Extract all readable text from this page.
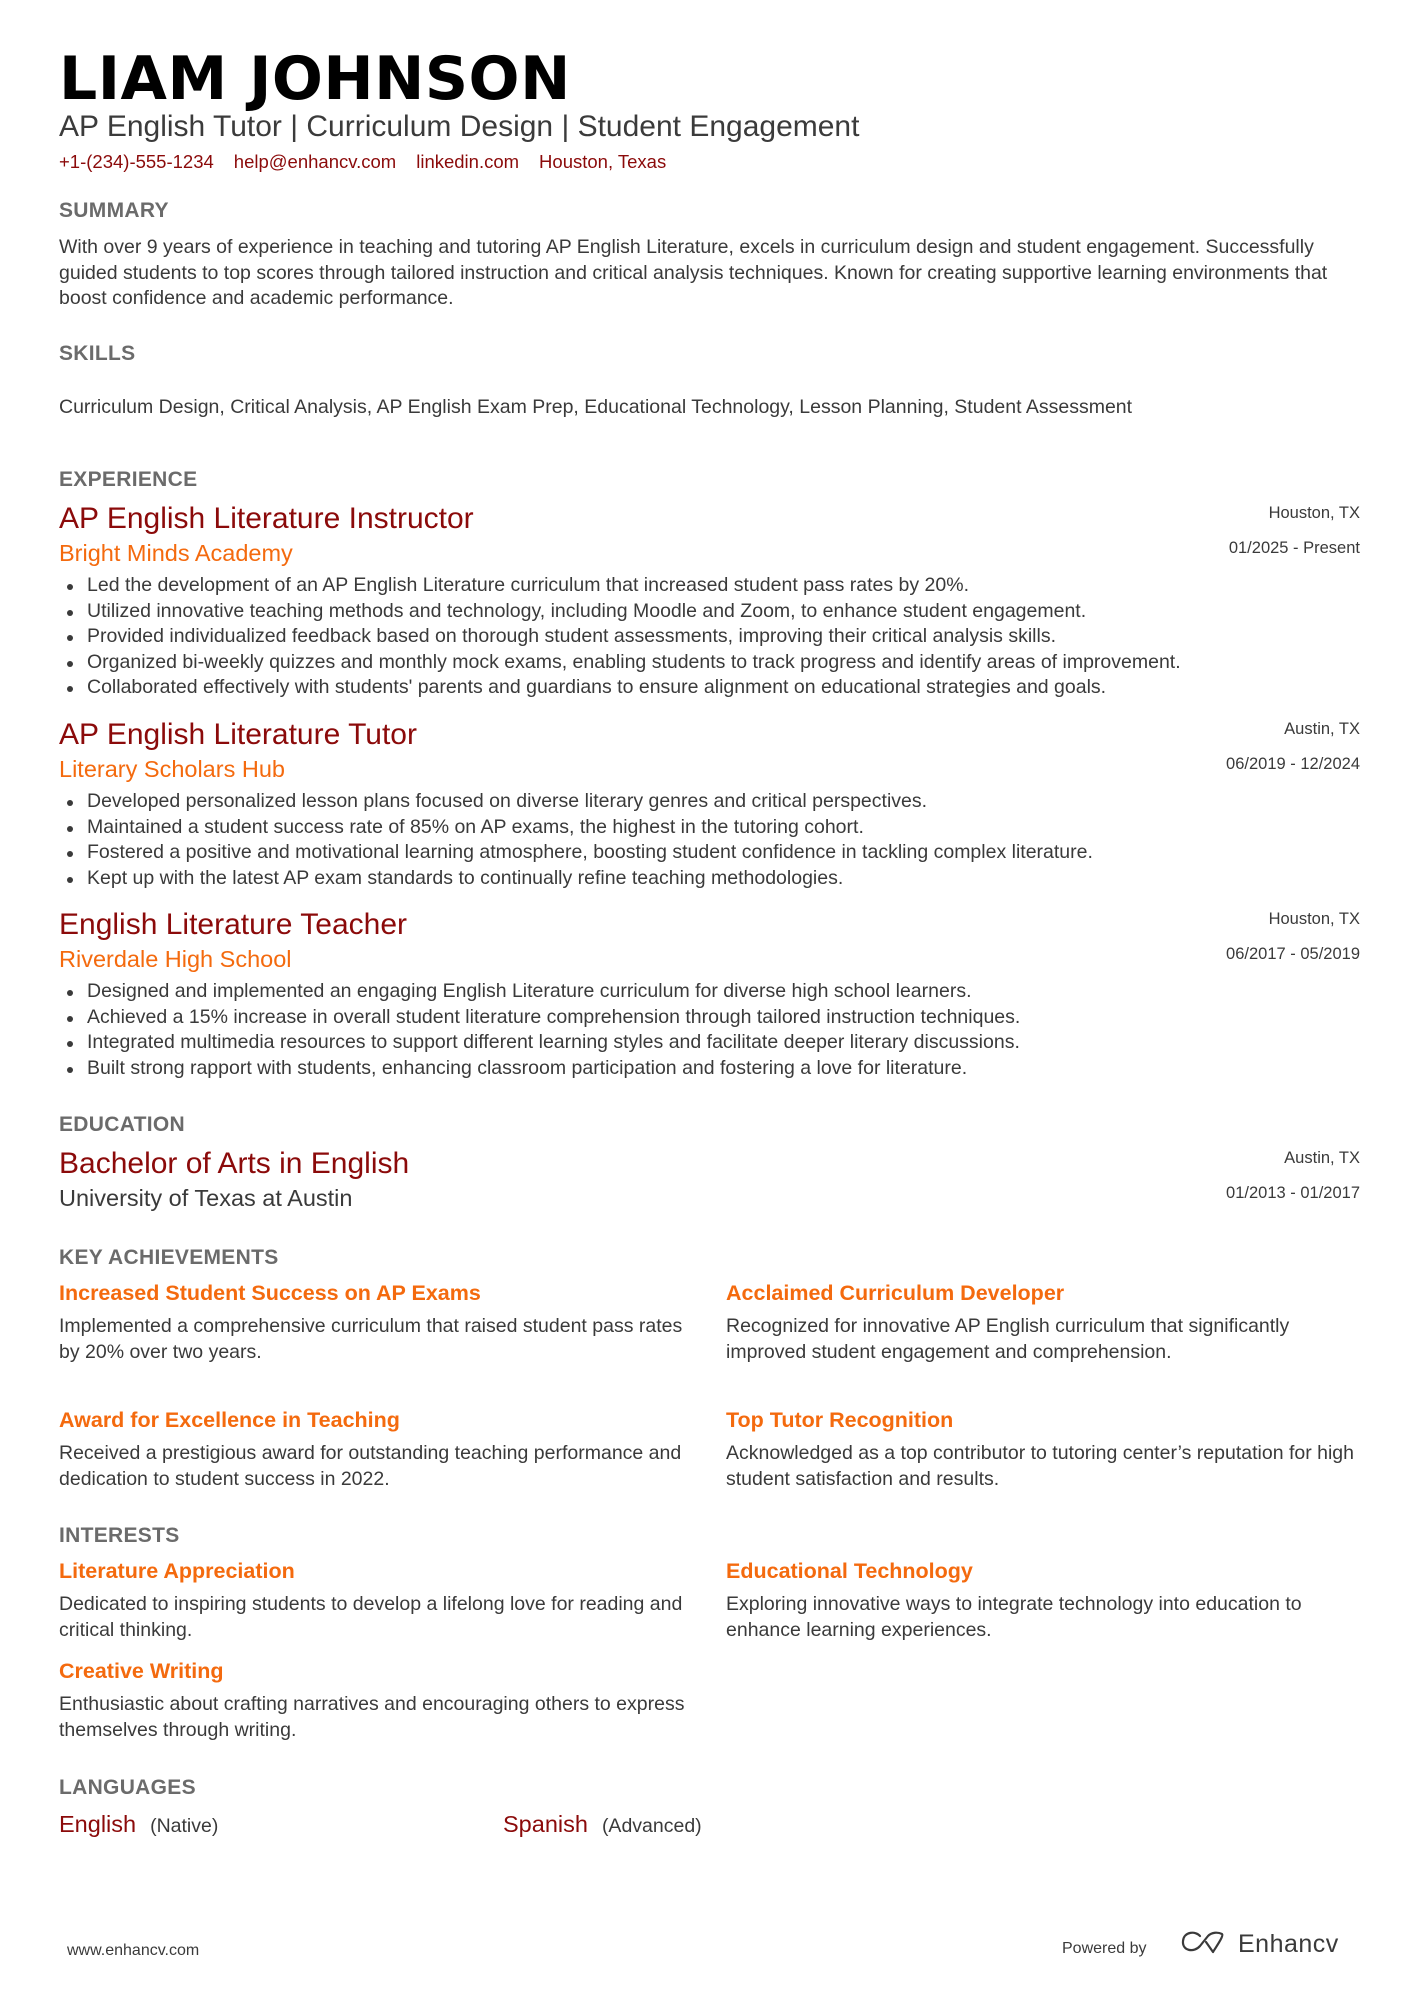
LIAM JOHNSON
AP English Tutor | Curriculum Design | Student Engagement
+1-(234)-555-1234 help@enhancv.com linkedin.com Houston, Texas
SUMMARY
With over 9 years of experience in teaching and tutoring AP English Literature, excels in curriculum design and student engagement. Successfully guided students to top scores through tailored instruction and critical analysis techniques. Known for creating supportive learning environments that boost confidence and academic performance.
SKILLS
Curriculum Design, Critical Analysis, AP English Exam Prep, Educational Technology, Lesson Planning, Student Assessment
EXPERIENCE
AP English Literature Instructor
Bright Minds Academy
Houston, TX
01/2025 - Present
Led the development of an AP English Literature curriculum that increased student pass rates by 20%.
Utilized innovative teaching methods and technology, including Moodle and Zoom, to enhance student engagement.
Provided individualized feedback based on thorough student assessments, improving their critical analysis skills.
Organized bi-weekly quizzes and monthly mock exams, enabling students to track progress and identify areas of improvement.
Collaborated effectively with students' parents and guardians to ensure alignment on educational strategies and goals.
AP English Literature Tutor
Literary Scholars Hub
Austin, TX
06/2019 - 12/2024
Developed personalized lesson plans focused on diverse literary genres and critical perspectives.
Maintained a student success rate of 85% on AP exams, the highest in the tutoring cohort.
Fostered a positive and motivational learning atmosphere, boosting student confidence in tackling complex literature.
Kept up with the latest AP exam standards to continually refine teaching methodologies.
English Literature Teacher
Riverdale High School
Houston, TX
06/2017 - 05/2019
Designed and implemented an engaging English Literature curriculum for diverse high school learners.
Achieved a 15% increase in overall student literature comprehension through tailored instruction techniques.
Integrated multimedia resources to support different learning styles and facilitate deeper literary discussions.
Built strong rapport with students, enhancing classroom participation and fostering a love for literature.
EDUCATION
Bachelor of Arts in English
University of Texas at Austin
Austin, TX
01/2013 - 01/2017
KEY ACHIEVEMENTS
Increased Student Success on AP Exams
Implemented a comprehensive curriculum that raised student pass rates by 20% over two years.
Acclaimed Curriculum Developer
Recognized for innovative AP English curriculum that significantly improved student engagement and comprehension.
Award for Excellence in Teaching
Received a prestigious award for outstanding teaching performance and dedication to student success in 2022.
Top Tutor Recognition
Acknowledged as a top contributor to tutoring center’s reputation for high student satisfaction and results.
INTERESTS
Literature Appreciation
Dedicated to inspiring students to develop a lifelong love for reading and critical thinking.
Educational Technology
Exploring innovative ways to integrate technology into education to enhance learning experiences.
Creative Writing
Enthusiastic about crafting narratives and encouraging others to express themselves through writing.
LANGUAGES
English (Native)	Spanish (Advanced)
www.enhancv.com	Powered by	Enhancv
